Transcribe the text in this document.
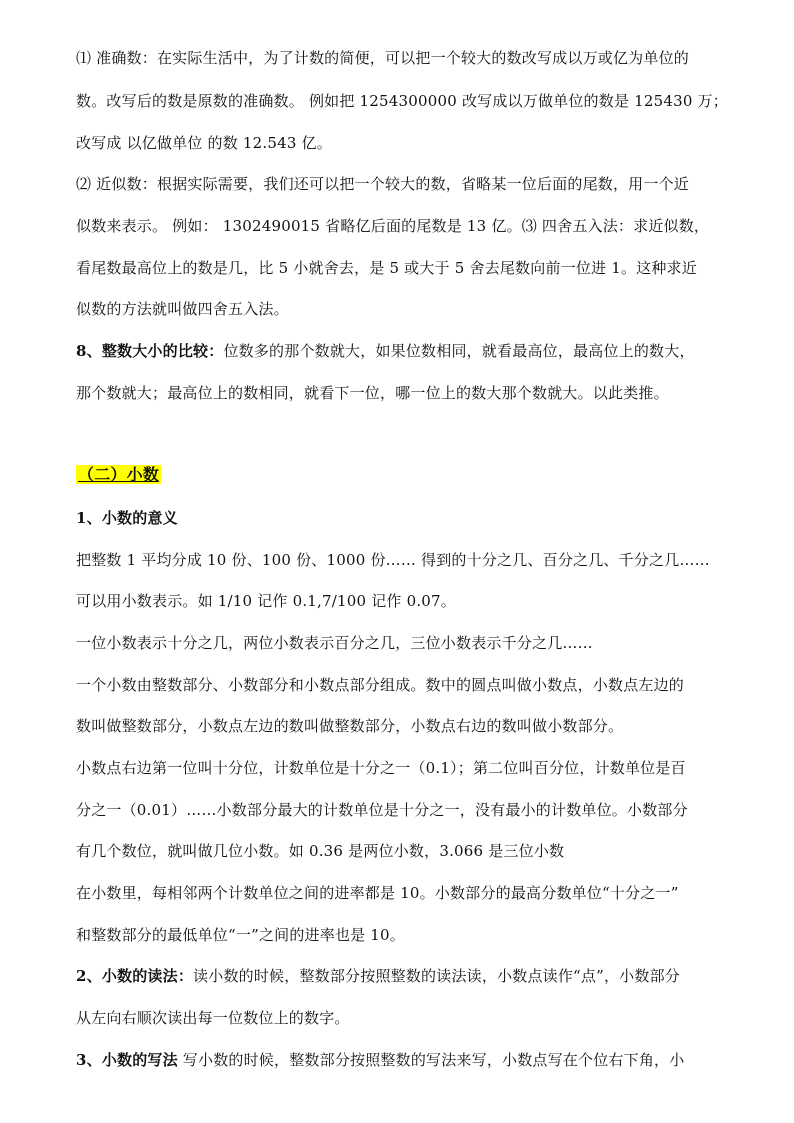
⑴ 准确数：在实际生活中，为了计数的简便，可以把一个较大的数改写成以万或亿为单位的
数。改写后的数是原数的准确数。 例如把 1254300000 改写成以万做单位的数是 125430 万；
改写成 以亿做单位 的数 12.543 亿。
⑵ 近似数：根据实际需要，我们还可以把一个较大的数，省略某一位后面的尾数，用一个近
似数来表示。 例如： 1302490015 省略亿后面的尾数是 13 亿。⑶ 四舍五入法：求近似数，
看尾数最高位上的数是几，比 5 小就舍去，是 5 或大于 5 舍去尾数向前一位进 1。这种求近
似数的方法就叫做四舍五入法。
8、整数大小的比较：位数多的那个数就大，如果位数相同，就看最高位，最高位上的数大，
那个数就大；最高位上的数相同，就看下一位，哪一位上的数大那个数就大。以此类推。
（二）小数
1、小数的意义
把整数 1 平均分成 10 份、100 份、1000 份…… 得到的十分之几、百分之几、千分之几……
可以用小数表示。如 1/10 记作 0.1,7/100 记作 0.07。
一位小数表示十分之几，两位小数表示百分之几，三位小数表示千分之几……
一个小数由整数部分、小数部分和小数点部分组成。数中的圆点叫做小数点，小数点左边的
数叫做整数部分，小数点左边的数叫做整数部分，小数点右边的数叫做小数部分。
小数点右边第一位叫十分位，计数单位是十分之一（0.1）；第二位叫百分位，计数单位是百
分之一（0.01）……小数部分最大的计数单位是十分之一，没有最小的计数单位。小数部分
有几个数位，就叫做几位小数。如 0.36 是两位小数，3.066 是三位小数
在小数里，每相邻两个计数单位之间的进率都是 10。小数部分的最高分数单位“十分之一”
和整数部分的最低单位“一”之间的进率也是 10。
2、小数的读法：读小数的时候，整数部分按照整数的读法读，小数点读作“点”，小数部分
从左向右顺次读出每一位数位上的数字。
3、小数的写法 写小数的时候，整数部分按照整数的写法来写，小数点写在个位右下角，小
